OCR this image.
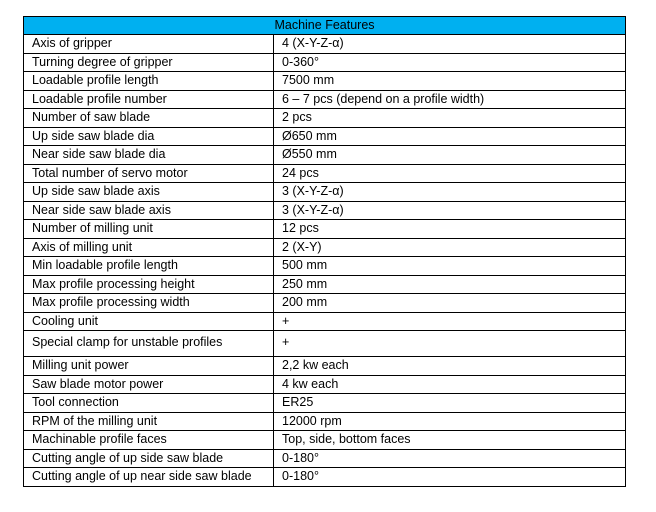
Machine Features	
Axis of gripper	4 (X-Y-Z-α)
Turning degree of gripper	0-360°
Loadable profile length	7500 mm
Loadable profile number	6 – 7 pcs (depend on a profile width)
Number of saw blade	2 pcs
Up side saw blade dia	Ø650 mm
Near side saw blade dia	Ø550 mm
Total number of servo motor	24 pcs
Up side saw blade axis	3 (X-Y-Z-α)
Near side saw blade axis	3 (X-Y-Z-α)
Number of milling unit	12 pcs
Axis of milling unit	2 (X-Y)
Min loadable profile length	500 mm
Max profile processing height	250 mm
Max profile processing width	200 mm
Cooling unit	+
Special clamp for unstable profiles	+
Milling unit power	2,2 kw each
Saw blade motor power	4 kw each
Tool connection	ER25
RPM of the milling unit	12000 rpm
Machinable profile faces	Top, side, bottom faces
Cutting angle of up side saw blade	0-180°
Cutting angle of up near side saw blade	0-180°
